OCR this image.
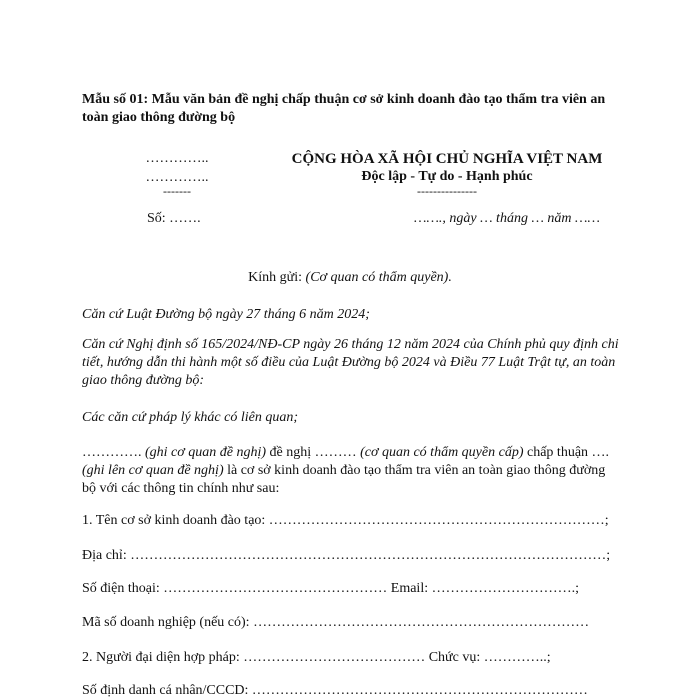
Mẫu số 01: Mẫu văn bản đề nghị chấp thuận cơ sở kinh doanh đào tạo thẩm tra viên an toàn giao thông đường bộ
…………..
…………..
-------
Số: …….
CỘNG HÒA XÃ HỘI CHỦ NGHĨA VIỆT NAM
Độc lập - Tự do - Hạnh phúc
---------------
……., ngày … tháng … năm ……
Kính gửi: (Cơ quan có thẩm quyền).
Căn cứ Luật Đường bộ ngày 27 tháng 6 năm 2024;
Căn cứ Nghị định số 165/2024/NĐ-CP ngày 26 tháng 12 năm 2024 của Chính phủ quy định chi tiết, hướng dẫn thi hành một số điều của Luật Đường bộ 2024 và Điều 77 Luật Trật tự, an toàn giao thông đường bộ:
Các căn cứ pháp lý khác có liên quan;
…………. (ghi cơ quan đề nghị) đề nghị ……… (cơ quan có thẩm quyền cấp) chấp thuận …. (ghi lên cơ quan đề nghị) là cơ sở kinh doanh đào tạo thẩm tra viên an toàn giao thông đường bộ với các thông tin chính như sau:
1. Tên cơ sở kinh doanh đào tạo: ………………………………………………………………;
Địa chỉ: …………………………………………………………………………………………;
Số điện thoại: ………………………………………… Email: ………………………….;
Mã số doanh nghiệp (nếu có): ………………………………………………………………
2. Người đại diện hợp pháp: ………………………………… Chức vụ: …………..;
Số định danh cá nhân/CCCD: ………………………………………………………………
